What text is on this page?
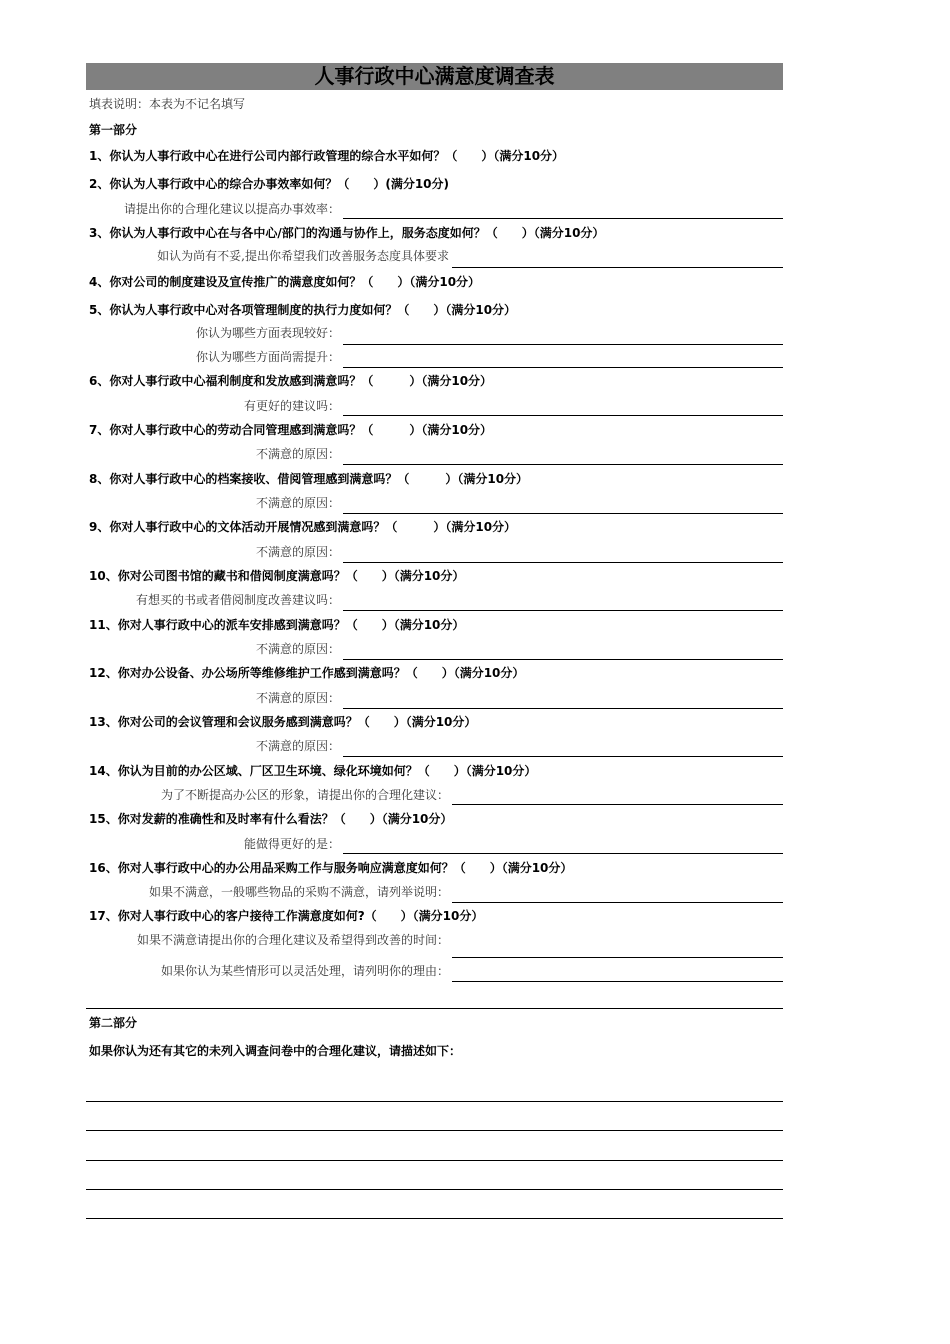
人事行政中心满意度调查表
填表说明：本表为不记名填写
第一部分
1、你认为人事行政中心在进行公司内部行政管理的综合水平如何？（　　）（满分10分）
2、你认为人事行政中心的综合办事效率如何？（　　）(满分10分)
请提出你的合理化建议以提高办事效率：
3、你认为人事行政中心在与各中心/部门的沟通与协作上，服务态度如何？（　　）（满分10分）
如认为尚有不妥,提出你希望我们改善服务态度具体要求
4、你对公司的制度建设及宣传推广的满意度如何？（　　）（满分10分）
5、你认为人事行政中心对各项管理制度的执行力度如何？（　　）（满分10分）
你认为哪些方面表现较好：
你认为哪些方面尚需提升：
6、你对人事行政中心福利制度和发放感到满意吗？（　　　）（满分10分）
有更好的建议吗：
7、你对人事行政中心的劳动合同管理感到满意吗？（　　　）（满分10分）
不满意的原因：
8、你对人事行政中心的档案接收、借阅管理感到满意吗？（　　　）（满分10分）
不满意的原因：
9、你对人事行政中心的文体活动开展情况感到满意吗？（　　　）（满分10分）
不满意的原因：
10、你对公司图书馆的藏书和借阅制度满意吗？（　　）（满分10分）
有想买的书或者借阅制度改善建议吗：
11、你对人事行政中心的派车安排感到满意吗？（　　）（满分10分）
不满意的原因：
12、你对办公设备、办公场所等维修维护工作感到满意吗？（　　）（满分10分）
不满意的原因：
13、你对公司的会议管理和会议服务感到满意吗？（　　）（满分10分）
不满意的原因：
14、你认为目前的办公区域、厂区卫生环境、绿化环境如何？（　　）（满分10分）
为了不断提高办公区的形象，请提出你的合理化建议：
15、你对发薪的准确性和及时率有什么看法？（　　）（满分10分）
能做得更好的是：
16、你对人事行政中心的办公用品采购工作与服务响应满意度如何？（　　）（满分10分）
如果不满意，一般哪些物品的采购不满意，请列举说明：
17、你对人事行政中心的客户接待工作满意度如何?（　　）（满分10分）
如果不满意请提出你的合理化建议及希望得到改善的时间：
如果你认为某些情形可以灵活处理，请列明你的理由：
第二部分
如果你认为还有其它的未列入调查问卷中的合理化建议，请描述如下：
